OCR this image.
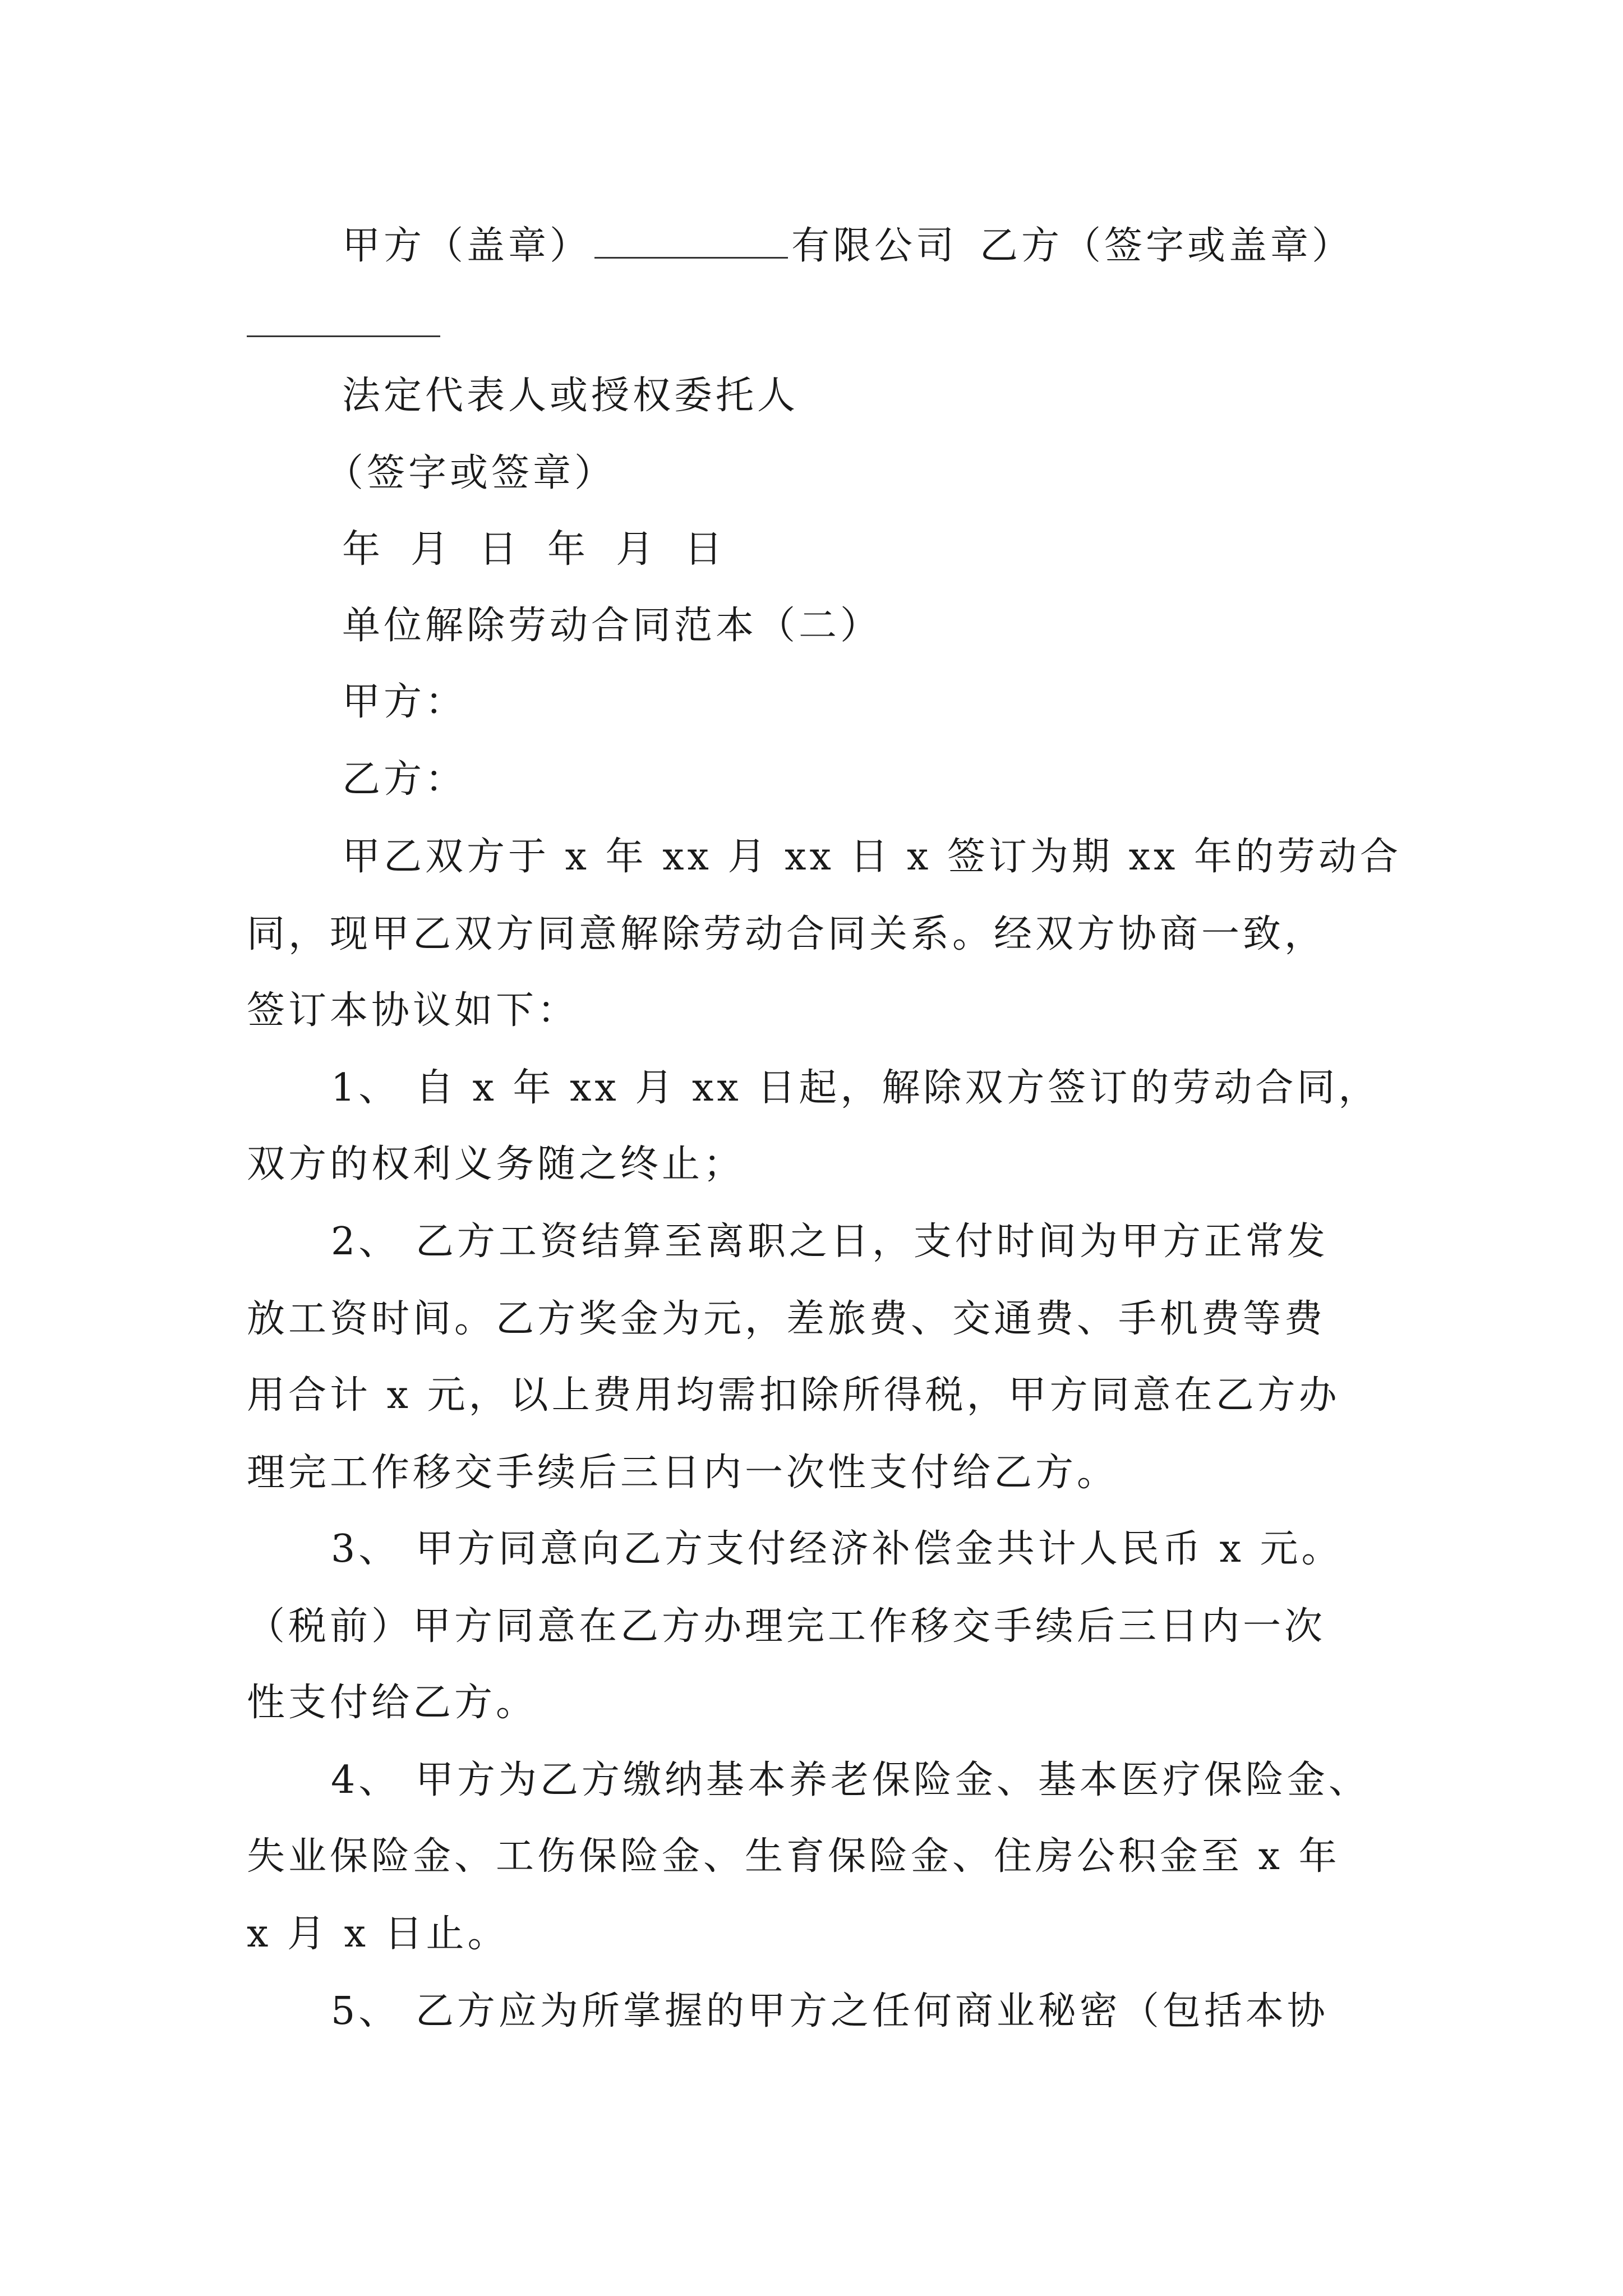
甲方（盖章）	有限公司 乙方（签字或盖章）
法定代表人或授权委托人
（签字或签章）
年 月 日 年 月 日
单位解除劳动合同范本（二）
甲方：
乙方：
甲乙双方于 x 年 xx 月 xx 日 x 签订为期 xx 年的劳动合
同，现甲乙双方同意解除劳动合同关系。经双方协商一致，
签订本协议如下：
1、 自 x 年 xx 月 xx 日起，解除双方签订的劳动合同，
双方的权利义务随之终止；
2、 乙方工资结算至离职之日，支付时间为甲方正常发
放工资时间。乙方奖金为元，差旅费、交通费、手机费等费
用合计 x 元，以上费用均需扣除所得税，甲方同意在乙方办
理完工作移交手续后三日内一次性支付给乙方。
3、 甲方同意向乙方支付经济补偿金共计人民币 x 元。
（税前）甲方同意在乙方办理完工作移交手续后三日内一次
性支付给乙方。
4、 甲方为乙方缴纳基本养老保险金、基本医疗保险金、
失业保险金、工伤保险金、生育保险金、住房公积金至 x 年
x 月 x 日止。
5、 乙方应为所掌握的甲方之任何商业秘密（包括本协
